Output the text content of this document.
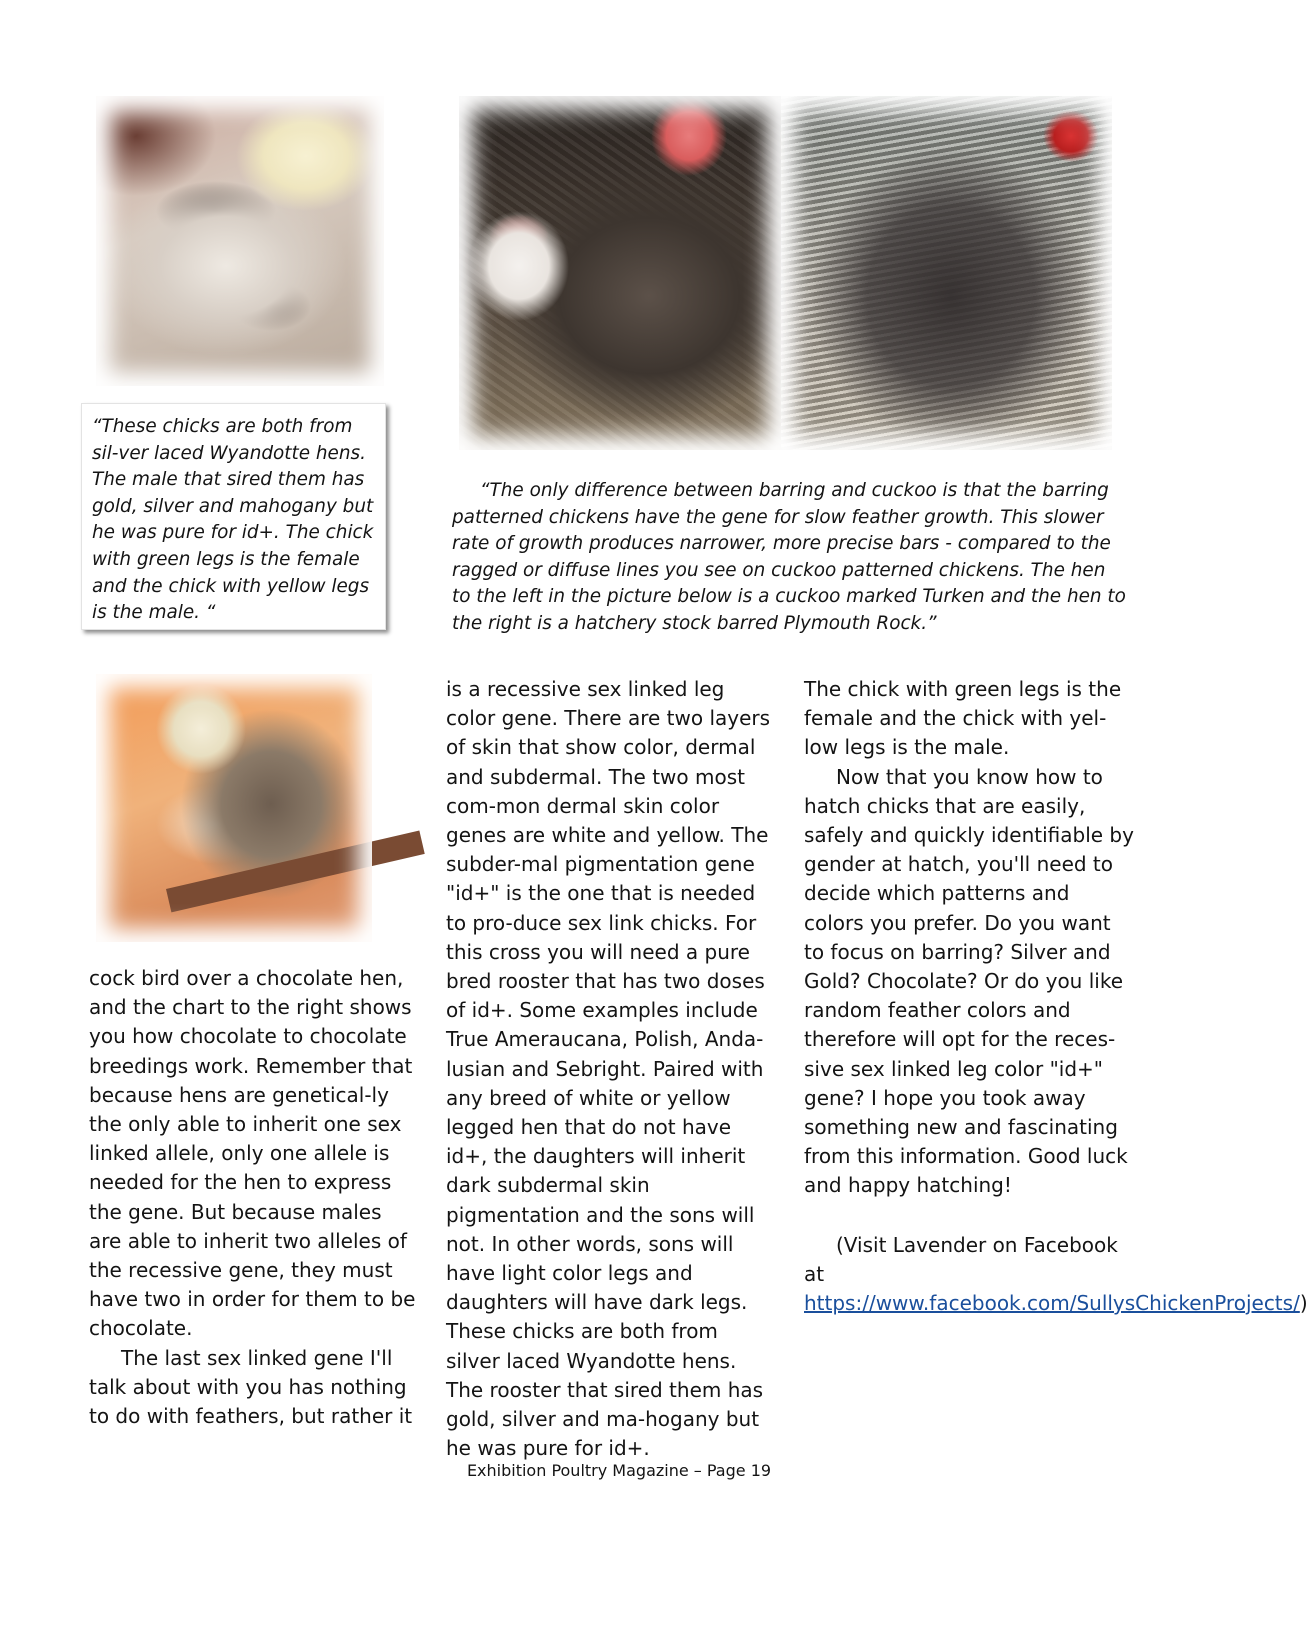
“These chicks are both from sil-ver laced Wyandotte hens. The male that sired them has gold, silver and mahogany but he was pure for id+. The chick with green legs is the female and the chick with yellow legs is the male. “

“The only difference between barring and cuckoo is that the barring patterned chickens have the gene for slow feather growth. This slower rate of growth produces narrower, more precise bars - compared to the ragged or diffuse lines you see on cuckoo patterned chickens. The hen to the left in the picture below is a cuckoo marked Turken and the hen to the right is a hatchery stock barred Plymouth Rock.”

cock bird over a chocolate hen, and the chart to the right shows you how chocolate to chocolate breedings work. Remember that because hens are genetical-ly the only able to inherit one sex linked allele, only one allele is needed for the hen to express the gene. But because males are able to inherit two alleles of the recessive gene, they must have two in order for them to be chocolate.

The last sex linked gene I'll talk about with you has nothing to do with feathers, but rather it

is a recessive sex linked leg color gene. There are two layers of skin that show color, dermal and subdermal. The two most com-mon dermal skin color genes are white and yellow. The subder-mal pigmentation gene "id+" is the one that is needed to pro-duce sex link chicks. For this cross you will need a pure bred rooster that has two doses of id+. Some examples include True Ameraucana, Polish, Anda-lusian and Sebright. Paired with any breed of white or yellow legged hen that do not have id+, the daughters will inherit dark subdermal skin pigmentation and the sons will not. In other words, sons will have light color legs and daughters will have dark legs. These chicks are both from silver laced Wyandotte hens. The rooster that sired them has gold, silver and ma-hogany but he was pure for id+.

The chick with green legs is the female and the chick with yel-low legs is the male.

Now that you know how to hatch chicks that are easily, safely and quickly identifiable by gender at hatch, you'll need to decide which patterns and colors you prefer. Do you want to focus on barring? Silver and Gold? Chocolate? Or do you like random feather colors and therefore will opt for the reces-sive sex linked leg color "id+" gene? I hope you took away something new and fascinating from this information. Good luck and happy hatching!

(Visit Lavender on Facebook at https://www.facebook.com/SullysChickenProjects/)

Exhibition Poultry Magazine – Page 19
